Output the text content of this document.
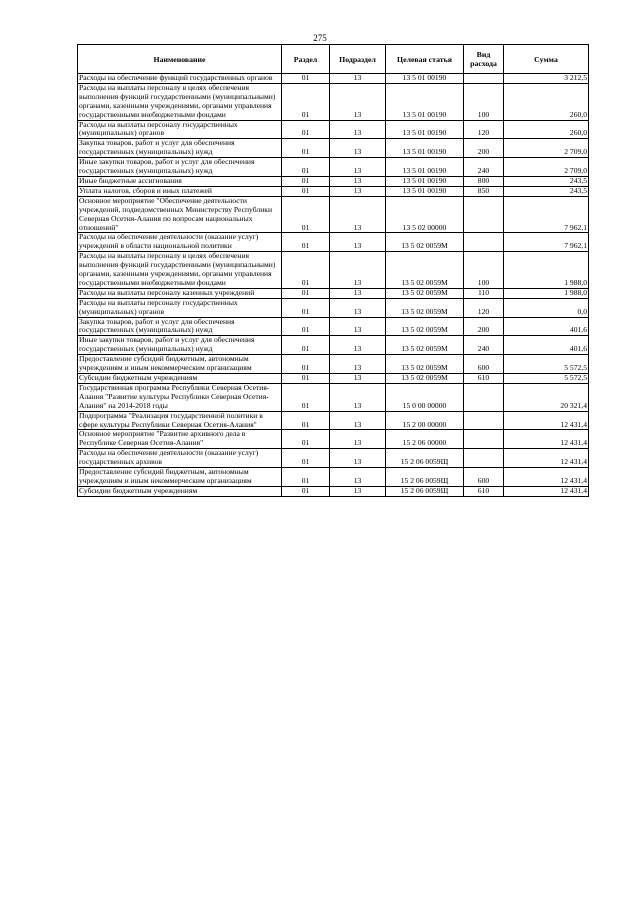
275
Наименование	Раздел	Подраздел	Целевая статья	Вид расхода	Сумма
Расходы на обеспечение функций государственных органов	01	13	13 5 01 00190		3 212,5
Расходы на выплаты персоналу в целях обеспечения выполнения функций государственными (муниципальными) органами, казенными учреждениями, органами управления государственными внебюджетными фондами	01	13	13 5 01 00190	100	260,0
Расходы на выплаты персоналу государственных (муниципальных) органов	01	13	13 5 01 00190	120	260,0
Закупка товаров, работ и услуг для обеспечения государственных (муниципальных) нужд	01	13	13 5 01 00190	200	2 709,0
Иные закупки товаров, работ и услуг для обеспечения государственных (муниципальных) нужд	01	13	13 5 01 00190	240	2 709,0
Иные бюджетные ассигнования	01	13	13 5 01 00190	800	243,5
Уплата налогов, сборов и иных платежей	01	13	13 5 01 00190	850	243,5
Основное мероприятие "Обеспечение деятельности учреждений, подведомственных Министерству Республики Северная Осетия-Алания по вопросам национальных отношений"	01	13	13 5 02 00000		7 962,1
Расходы на обеспечение деятельности (оказание услуг) учреждений в области национальной политики	01	13	13 5 02 0059М		7 962,1
Расходы на выплаты персоналу в целях обеспечения выполнения функций государственными (муниципальными) органами, казенными учреждениями, органами управления государственными внебюджетными фондами	01	13	13 5 02 0059М	100	1 988,0
Расходы на выплаты персоналу казенных учреждений	01	13	13 5 02 0059М	110	1 988,0
Расходы на выплаты персоналу государственных (муниципальных) органов	01	13	13 5 02 0059М	120	0,0
Закупка товаров, работ и услуг для обеспечения государственных (муниципальных) нужд	01	13	13 5 02 0059М	200	401,6
Иные закупки товаров, работ и услуг для обеспечения государственных (муниципальных) нужд	01	13	13 5 02 0059М	240	401,6
Предоставление субсидий бюджетным, автономным учреждениям и иным некоммерческим организациям	01	13	13 5 02 0059М	600	5 572,5
Субсидии бюджетным учреждениям	01	13	13 5 02 0059М	610	5 572,5
Государственная программа Республики Северная Осетия-Алания "Развитие культуры Республики Северная Осетия-Алания" на 2014-2018 годы	01	13	15 0 00 00000		20 321,4
Подпрограмма "Реализация государственной политики в сфере культуры Республики Северная Осетия-Алания"	01	13	15 2 00 00000		12 431,4
Основное мероприятие "Развитие архивного дела в Республике Северная Осетия-Алания"	01	13	15 2 06 00000		12 431,4
Расходы на обеспечение деятельности (оказание услуг) государственных архивов	01	13	15 2 06 0059Щ		12 431,4
Предоставление субсидий бюджетным, автономным учреждениям и иным некоммерческим организациям	01	13	15 2 06 0059Щ	600	12 431,4
Субсидии бюджетным учреждениям	01	13	15 2 06 0059Щ	610	12 431,4
